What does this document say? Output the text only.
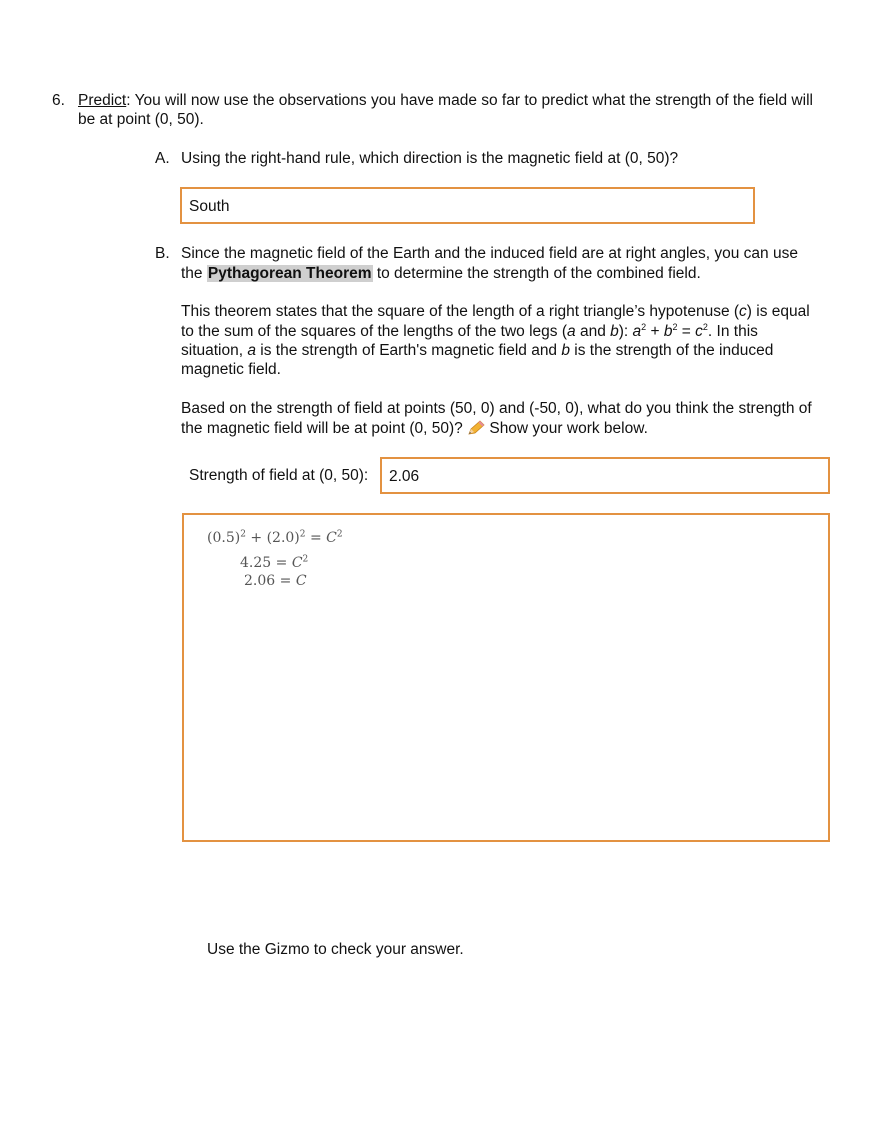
6. Predict: You will now use the observations you have made so far to predict what the strength of the field will
be at point (0, 50).
A. Using the right-hand rule, which direction is the magnetic field at (0, 50)?
South
B. Since the magnetic field of the Earth and the induced field are at right angles, you can use
the Pythagorean Theorem to determine the strength of the combined field.
This theorem states that the square of the length of a right triangle’s hypotenuse (c) is equal
to the sum of the squares of the lengths of the two legs (a and b): $a^2 + b^2 = c^2$. In this
situation, a is the strength of Earth's magnetic field and b is the strength of the induced
magnetic field.
Based on the strength of field at points (50, 0) and (-50, 0), what do you think the strength of
the magnetic field will be at point (0, 50)?  Show your work below.
Strength of field at (0, 50): 2.06
$(0.5)^2 + (2.0)^2 = C^2$
$4.25 = C^2$
2.06 = C
Use the Gizmo to check your answer.
